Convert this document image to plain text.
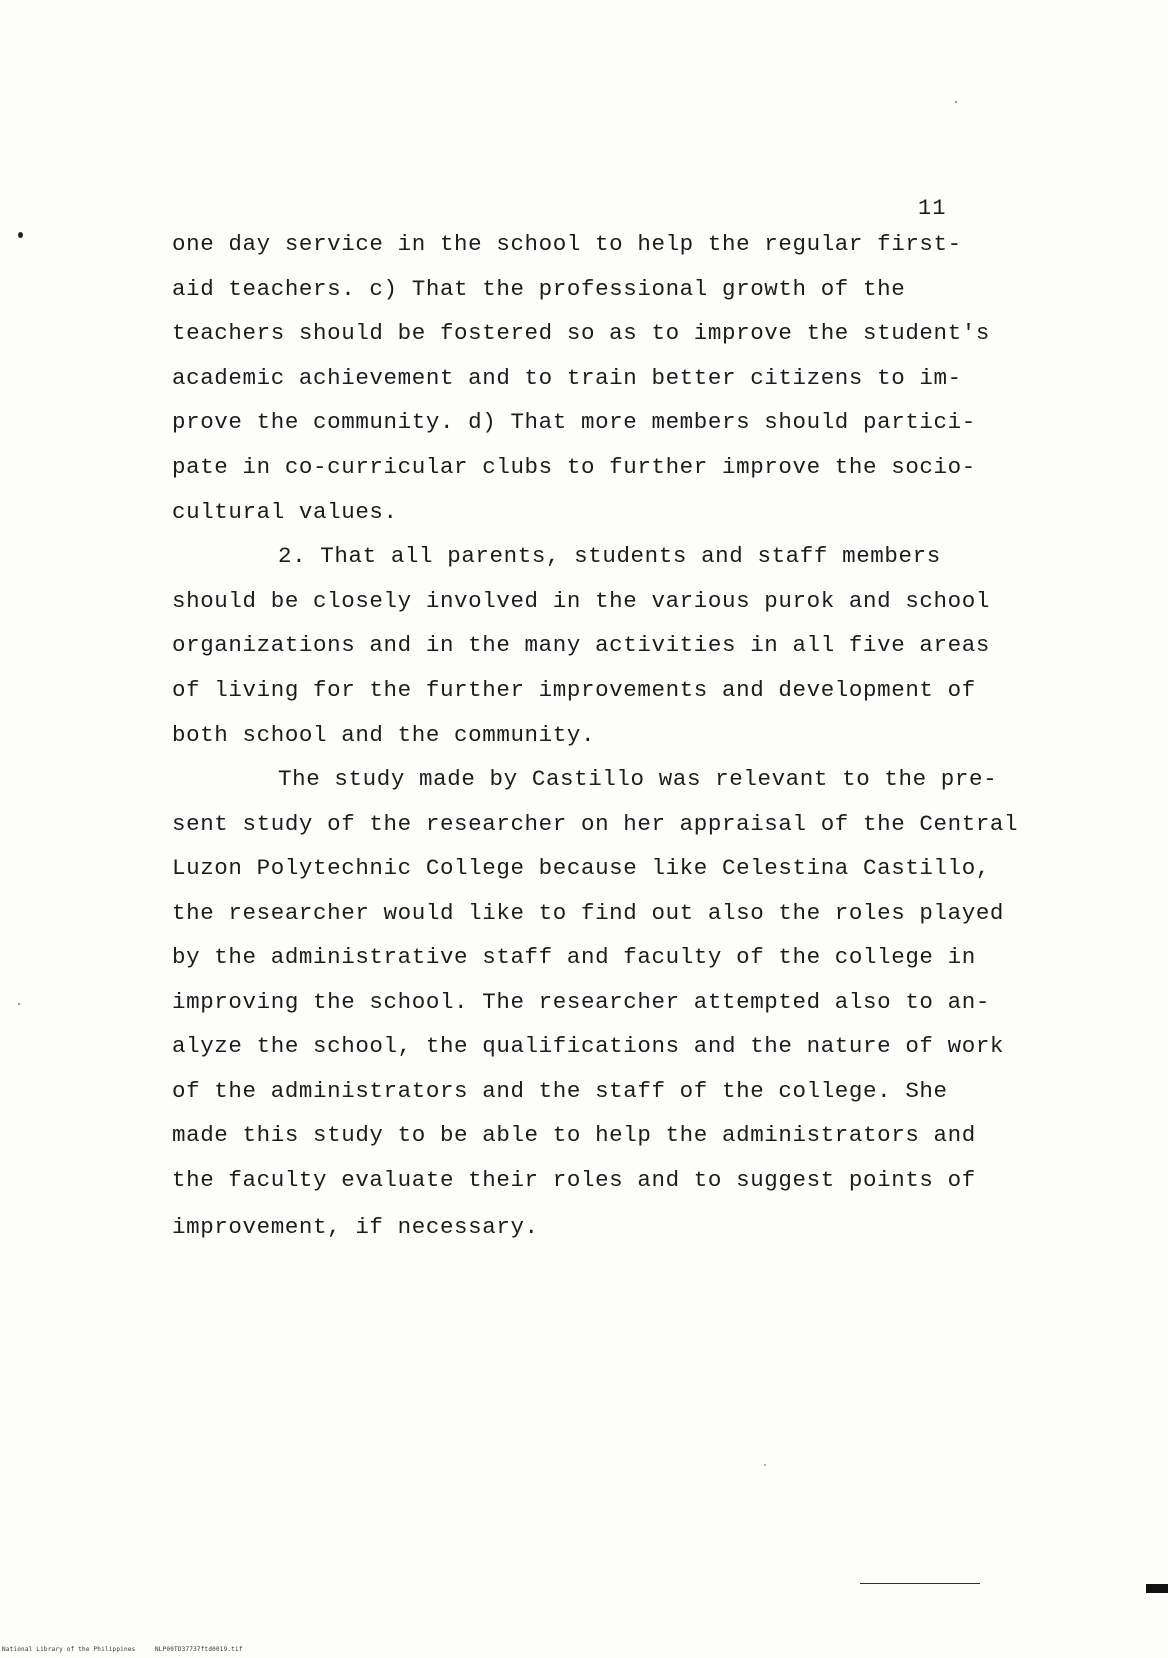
11
one day service in the school to help the regular first-
aid teachers. c) That the professional growth of the
teachers should be fostered so as to improve the student's
academic achievement and to train better citizens to im-
prove the community. d) That more members should partici-
pate in co-curricular clubs to further improve the socio-
cultural values.
2. That all parents, students and staff members
should be closely involved in the various purok and school
organizations and in the many activities in all five areas
of living for the further improvements and development of
both school and the community.
The study made by Castillo was relevant to the pre-
sent study of the researcher on her appraisal of the Central
Luzon Polytechnic College because like Celestina Castillo,
the researcher would like to find out also the roles played
by the administrative staff and faculty of the college in
improving the school. The researcher attempted also to an-
alyze the school, the qualifications and the nature of work
of the administrators and the staff of the college. She
made this study to be able to help the administrators and
the faculty evaluate their roles and to suggest points of
improvement, if necessary.
National Library of the Philippines	NLP00TD37737ftd0019.tif
